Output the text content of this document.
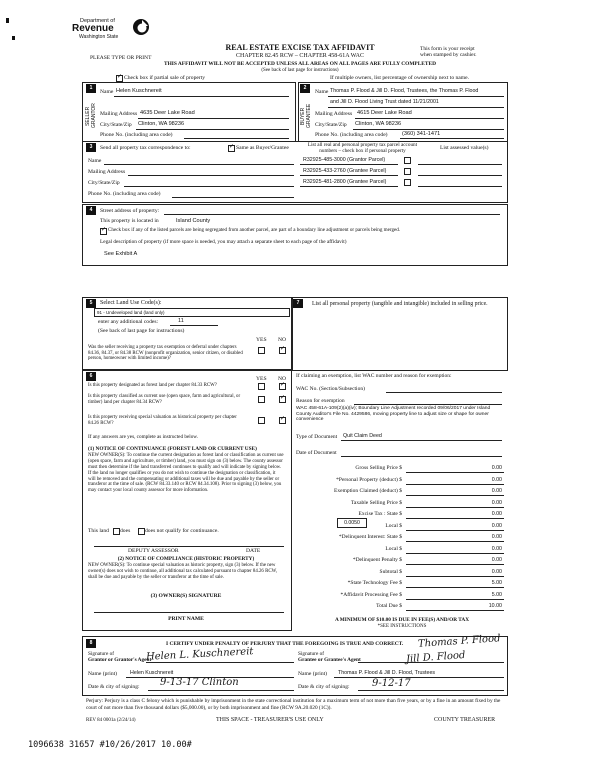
Department of
Revenue
Washington State
REAL ESTATE EXCISE TAX AFFIDAVIT
CHAPTER 82.45 RCW – CHAPTER 458-61A WAC
THIS AFFIDAVIT WILL NOT BE ACCEPTED UNLESS ALL AREAS ON ALL PAGES ARE FULLY COMPLETED
(See back of last page for instructions)
PLEASE TYPE OR PRINT
This form is your receipt
when stamped by cashier.
✓
Check box if partial sale of property	If multiple owners, list percentage of ownership next to name.
1
SELLER GRANTOR
2
BUYER GRANTEE
Name Helen Kuschnereit
Mailing Address 4635 Deer Lake Road
City/State/Zip Clinton, WA 98236
Phone No. (including area code)
Name Thomas P. Flood & Jill D. Flood, Trustees, the Thomas P. Flood
and Jill D. Flood Living Trust dated 11/21/2001
Mailing Address 4615 Deer Lake Road
City/State/Zip Clinton, WA 98236
Phone No. (including area code)	(360) 341-1471
3	Send all property tax correspondence to:
✓	Same as Buyer/Grantee
Name
Mailing Address
City/State/Zip
Phone No. (including area code)
List all real and personal property tax parcel account
numbers – check box if personal property	List assessed value(s)
R32925-485-3000 (Grantor Parcel)
R32925-433-2760 (Grantee Parcel)
R32925-481-2800 (Grantee Parcel)
4	Street address of property:
This property is located in	Island County
✓
Check box if any of the listed parcels are being segregated from another parcel, are part of a boundary line adjustment or parcels being merged.
Legal description of property (if more space is needed, you may attach a separate sheet to each page of the affidavit)
See Exhibit A
5	Select Land Use Code(s):
91 - Undeveloped land (land only)
enter any additional codes:	11
(See back of last page for instructions)
YES NO
Was the seller receiving a property tax exemption or deferral under chapters 84.36, 84.37, or 84.38 RCW (nonprofit organization, senior citizen, or disabled person, homeowner with limited income)?
✓
7	List all personal property (tangible and intangible) included in selling price.
6	YES NO
Is this property designated as forest land per chapter 84.33 RCW?
✓
Is this property classified as current use (open space, farm and agricultural, or timber) land per chapter 84.34 RCW?
✓
Is this property receiving special valuation as historical property per chapter 84.26 RCW?
✓
If any answers are yes, complete as instructed below.
(1) NOTICE OF CONTINUANCE (FOREST LAND OR CURRENT USE)
NEW OWNER(S): To continue the current designation as forest land or classification as current use (open space, farm and agriculture, or timber) land, you must sign on (3) below. The county assessor must then determine if the land transferred continues to qualify and will indicate by signing below. If the land no longer qualifies or you do not wish to continue the designation or classification, it will be removed and the compensating or additional taxes will be due and payable by the seller or transferor at the time of sale. (RCW 84.33.140 or RCW 84.34.108). Prior to signing (3) below, you may contact your local county assessor for more information.
This land does	does not qualify for continuance.
DEPUTY ASSESSOR	DATE
(2) NOTICE OF COMPLIANCE (HISTORIC PROPERTY)
NEW OWNER(S): To continue special valuation as historic property, sign (3) below. If the new owner(s) does not wish to continue, all additional tax calculated pursuant to chapter 84.26 RCW, shall be due and payable by the seller or transferor at the time of sale.
(3) OWNER(S) SIGNATURE
PRINT NAME
If claiming an exemption, list WAC number and reason for exemption:
WAC No. (Section/Subsection)
Reason for exemption
WAC 458-61A-109(2)(a)(iv); Boundary Line Adjustment recorded 09/06/2017 under Island County Auditor's File No. 4429586, moving property line to adjust size or shape for owner convenience
Type of Document Quit Claim Deed
Date of Document
Gross Selling Price $	0.00
*Personal Property (deduct) $	0.00
Exemption Claimed (deduct) $	0.00
Taxable Selling Price $	0.00
Excise Tax : State $	0.00
Local $	0.00
*Delinquent Interest: State $	0.00
Local $	0.00
*Delinquent Penalty $	0.00
Subtotal $	0.00
*State Technology Fee $	5.00
*Affidavit Processing Fee $	5.00
Total Due $	10.00
0.0050
A MINIMUM OF $10.00 IS DUE IN FEE(S) AND/OR TAX
*SEE INSTRUCTIONS
8	I CERTIFY UNDER PENALTY OF PERJURY THAT THE FOREGOING IS TRUE AND CORRECT.
Signature of
Grantor or Grantor's Agent
Helen L. Kuschnereit	Signature of
Grantee or Grantee's Agent
Thomas P. Flood
Jill D. Flood
Name (print) Helen Kuschnereit	Name (print) Thomas P. Flood & Jill D. Flood, Trustees
Date & city of signing: 9-13-17 Clinton	Date & city of signing: 9-12-17
Perjury: Perjury is a class C felony which is punishable by imprisonment in the state correctional institution for a maximum term of not more than five years, or by a fine in an amount fixed by the court of not more than five thousand dollars ($5,000.00), or by both imprisonment and fine (RCW 9A.20.020 (1C)).
REV 84 0001a (2/24/14)	THIS SPACE - TREASURER'S USE ONLY	COUNTY TREASURER
1096638 31657 #10/26/2017 10.00#
